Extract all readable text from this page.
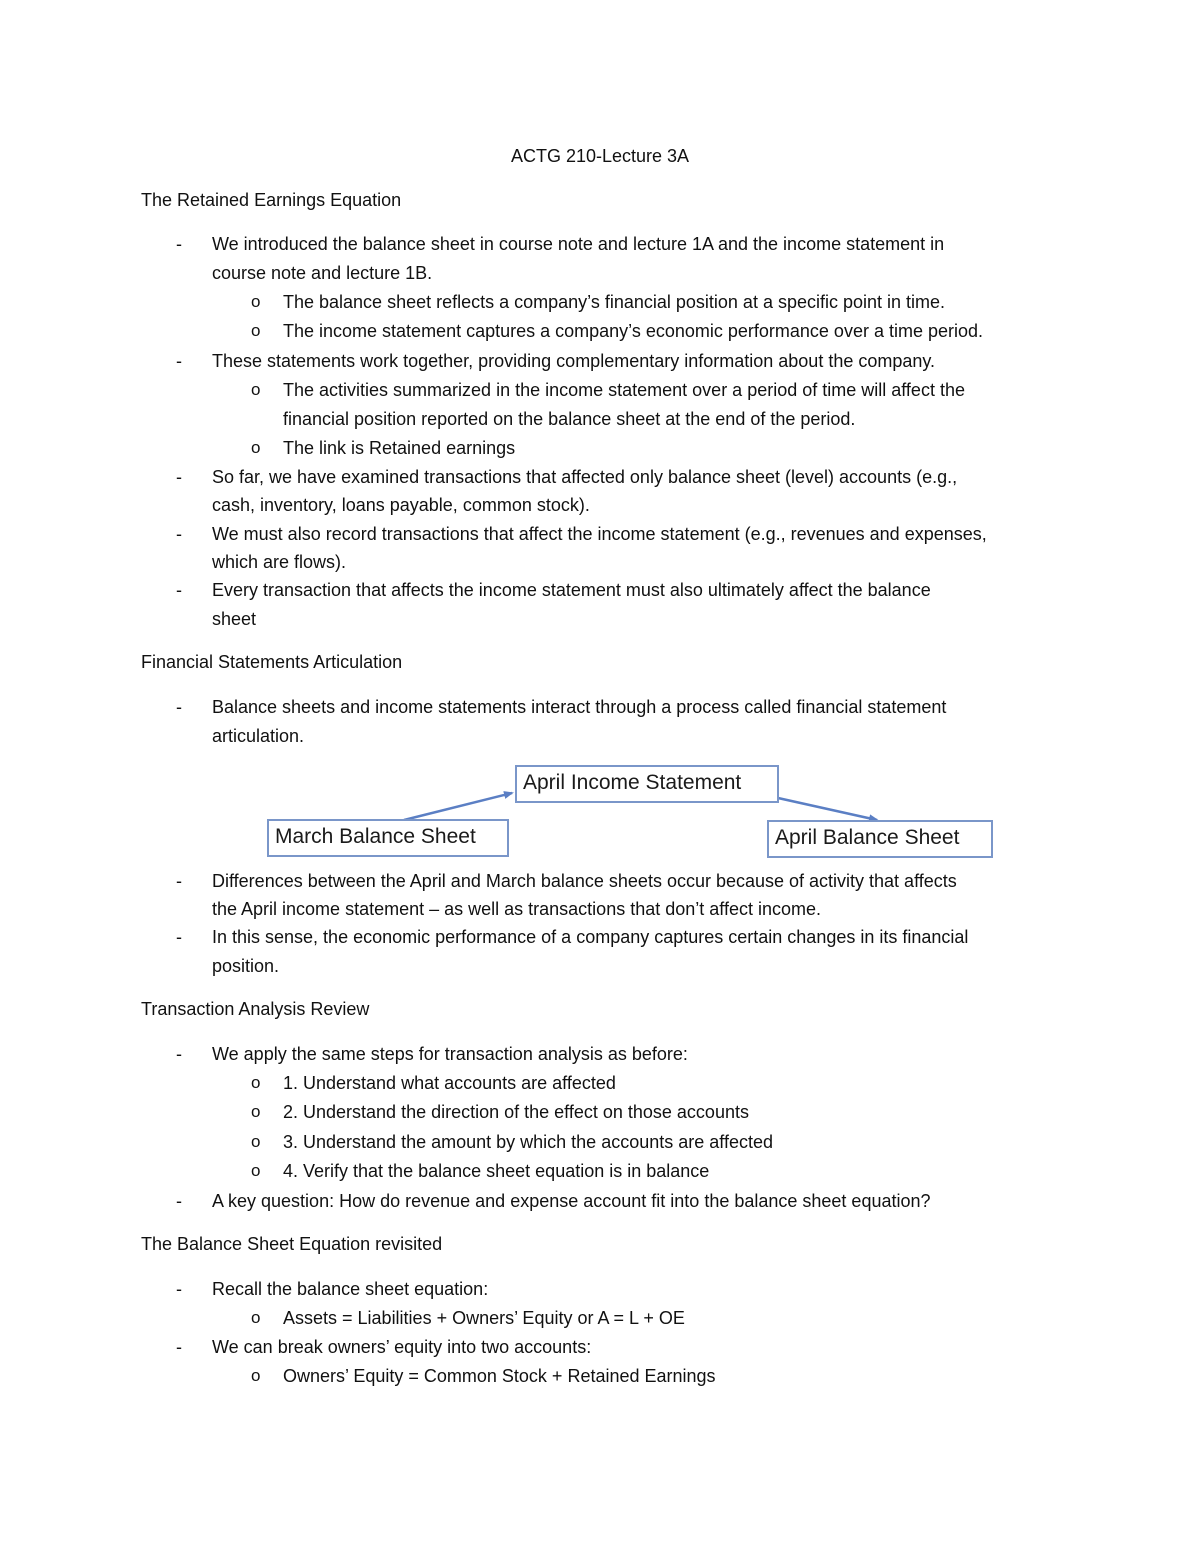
ACTG 210-Lecture 3A
The Retained Earnings Equation
- We introduced the balance sheet in course note and lecture 1A and the income statement in
course note and lecture 1B.
o The balance sheet reflects a company’s financial position at a specific point in time.
o The income statement captures a company’s economic performance over a time period.
- These statements work together, providing complementary information about the company.
o The activities summarized in the income statement over a period of time will affect the
financial position reported on the balance sheet at the end of the period.
o The link is Retained earnings
- So far, we have examined transactions that affected only balance sheet (level) accounts (e.g.,
cash, inventory, loans payable, common stock).
- We must also record transactions that affect the income statement (e.g., revenues and expenses,
which are flows).
- Every transaction that affects the income statement must also ultimately affect the balance
sheet
Financial Statements Articulation
- Balance sheets and income statements interact through a process called financial statement
articulation.
April Income Statement
March Balance Sheet	April Balance Sheet
- Differences between the April and March balance sheets occur because of activity that affects
the April income statement – as well as transactions that don’t affect income.
- In this sense, the economic performance of a company captures certain changes in its financial
position.
Transaction Analysis Review
- We apply the same steps for transaction analysis as before:
o 1. Understand what accounts are affected
o 2. Understand the direction of the effect on those accounts
o 3. Understand the amount by which the accounts are affected
o 4. Verify that the balance sheet equation is in balance
- A key question: How do revenue and expense account fit into the balance sheet equation?
The Balance Sheet Equation revisited
- Recall the balance sheet equation:
o Assets = Liabilities + Owners’ Equity or A = L + OE
- We can break owners’ equity into two accounts:
o Owners’ Equity = Common Stock + Retained Earnings
